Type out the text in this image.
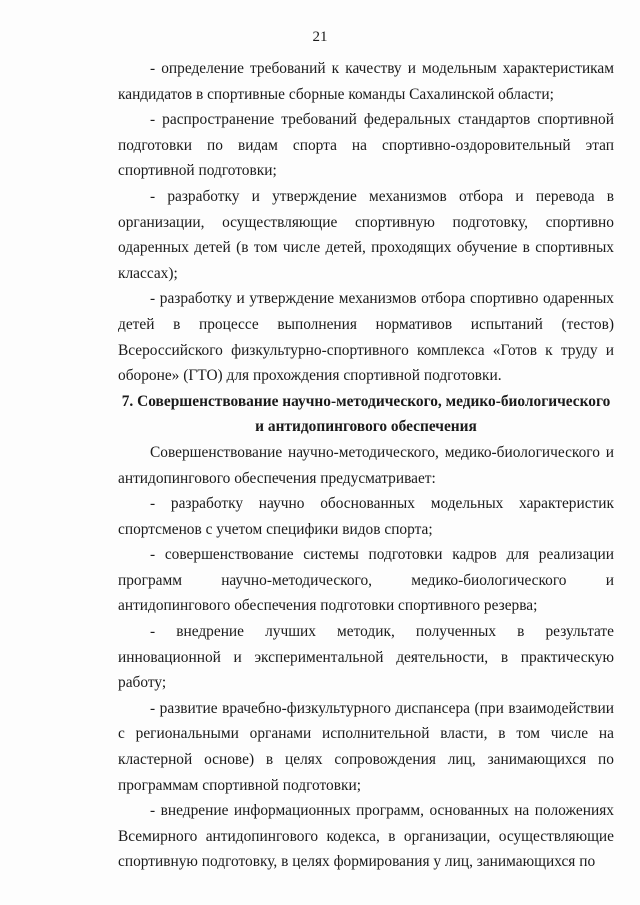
21

- определение требований к качеству и модельным характеристикам кандидатов в спортивные сборные команды Сахалинской области;

- распространение требований федеральных стандартов спортивной подготовки по видам спорта на спортивно-оздоровительный этап спортивной подготовки;

- разработку и утверждение механизмов отбора и перевода в организации, осуществляющие спортивную подготовку, спортивно одаренных детей (в том числе детей, проходящих обучение в спортивных классах);

- разработку и утверждение механизмов отбора спортивно одаренных детей в процессе выполнения нормативов испытаний (тестов) Всероссийского физкультурно-спортивного комплекса «Готов к труду и обороне» (ГТО) для прохождения спортивной подготовки.

7. Совершенствование научно-методического, медико-биологического и антидопингового обеспечения

Совершенствование научно-методического, медико-биологического и антидопингового обеспечения предусматривает:

- разработку научно обоснованных модельных характеристик спортсменов с учетом специфики видов спорта;

- совершенствование системы подготовки кадров для реализации программ научно-методического, медико-биологического и антидопингового обеспечения подготовки спортивного резерва;

- внедрение лучших методик, полученных в результате инновационной и экспериментальной деятельности, в практическую работу;

- развитие врачебно-физкультурного диспансера (при взаимодействии с региональными органами исполнительной власти, в том числе на кластерной основе) в целях сопровождения лиц, занимающихся по программам спортивной подготовки;

- внедрение информационных программ, основанных на положениях Всемирного антидопингового кодекса, в организации, осуществляющие спортивную подготовку, в целях формирования у лиц, занимающихся по
